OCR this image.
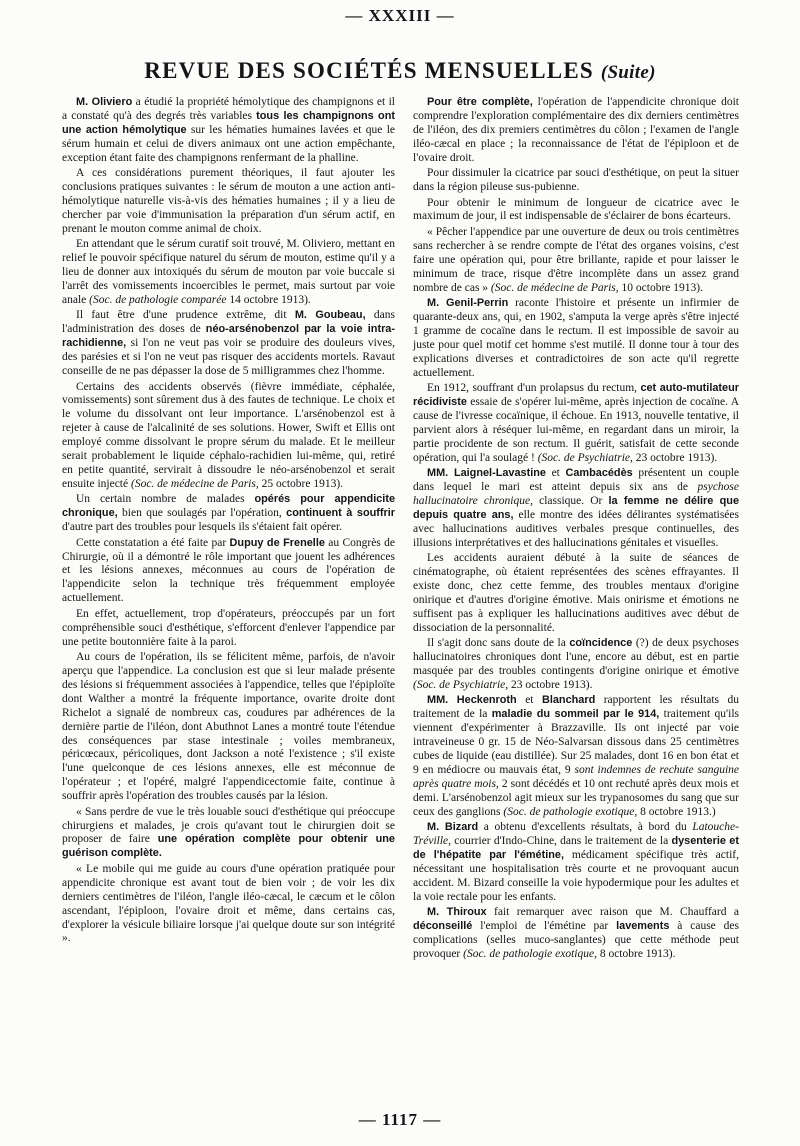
— XXXIII —
REVUE DES SOCIÉTÉS MENSUELLES (Suite)

M. Oliviero a étudié la propriété hémolytique des champignons et il a constaté qu'à des degrés très variables tous les champignons ont une action hémolytique sur les hématies humaines lavées et que le sérum humain et celui de divers animaux ont une action empêchante, exception étant faite des champignons renfermant de la phalline.

A ces considérations purement théoriques, il faut ajouter les conclusions pratiques suivantes : le sérum de mouton a une action anti-hémolytique naturelle vis-à-vis des hématies humaines ; il y a lieu de chercher par voie d'immunisation la préparation d'un sérum actif, en prenant le mouton comme animal de choix.

En attendant que le sérum curatif soit trouvé, M. Oliviero, mettant en relief le pouvoir spécifique naturel du sérum de mouton, estime qu'il y a lieu de donner aux intoxiqués du sérum de mouton par voie buccale si l'arrêt des vomissements incoercibles le permet, mais surtout par voie anale (Soc. de pathologie comparée 14 octobre 1913).

Il faut être d'une prudence extrême, dit M. Goubeau, dans l'administration des doses de néo-arsénobenzol par la voie intra-rachidienne, si l'on ne veut pas voir se produire des douleurs vives, des parésies et si l'on ne veut pas risquer des accidents mortels. Ravaut conseille de ne pas dépasser la dose de 5 milligrammes chez l'homme.

Certains des accidents observés (fièvre immédiate, céphalée, vomissements) sont sûrement dus à des fautes de technique. Le choix et le volume du dissolvant ont leur importance. L'arsénobenzol est à rejeter à cause de l'alcalinité de ses solutions. Hower, Swift et Ellis ont employé comme dissolvant le propre sérum du malade. Et le meilleur serait probablement le liquide céphalo-rachidien lui-même, qui, retiré en petite quantité, servirait à dissoudre le néo-arsénobenzol et serait ensuite injecté (Soc. de médecine de Paris, 25 octobre 1913).

Un certain nombre de malades opérés pour appendicite chronique, bien que soulagés par l'opération, continuent à souffrir d'autre part des troubles pour lesquels ils s'étaient fait opérer.

Cette constatation a été faite par Dupuy de Frenelle au Congrès de Chirurgie, où il a démontré le rôle important que jouent les adhérences et les lésions annexes, méconnues au cours de l'opération de l'appendicite selon la technique très fréquemment employée actuellement.

En effet, actuellement, trop d'opérateurs, préoccupés par un fort compréhensible souci d'esthétique, s'efforcent d'enlever l'appendice par une petite boutonnière faite à la paroi.

Au cours de l'opération, ils se félicitent même, parfois, de n'avoir aperçu que l'appendice. La conclusion est que si leur malade présente des lésions si fréquemment associées à l'appendice, telles que l'épiploïte dont Walther a montré la fréquente importance, ovarite droite dont Richelot a signalé de nombreux cas, coudures par adhérences de la dernière partie de l'iléon, dont Abuthnot Lanes a montré toute l'étendue des conséquences par stase intestinale ; voiles membraneux, péricœcaux, péricoliques, dont Jackson a noté l'existence ; s'il existe l'une quelconque de ces lésions annexes, elle est méconnue de l'opérateur ; et l'opéré, malgré l'appendicectomie faite, continue à souffrir après l'opération des troubles causés par la lésion.

« Sans perdre de vue le très louable souci d'esthétique qui préoccupe chirurgiens et malades, je crois qu'avant tout le chirurgien doit se proposer de faire une opération complète pour obtenir une guérison complète.

« Le mobile qui me guide au cours d'une opération pratiquée pour appendicite chronique est avant tout de bien voir ; de voir les dix derniers centimètres de l'iléon, l'angle iléo-cæcal, le cæcum et le côlon ascendant, l'épiploon, l'ovaire droit et même, dans certains cas, d'explorer la vésicule biliaire lorsque j'ai quelque doute sur son intégrité ».

Pour être complète, l'opération de l'appendicite chronique doit comprendre l'exploration complémentaire des dix derniers centimètres de l'iléon, des dix premiers centimètres du côlon ; l'examen de l'angle iléo-cæcal en place ; la reconnaissance de l'état de l'épiploon et de l'ovaire droit.

Pour dissimuler la cicatrice par souci d'esthétique, on peut la situer dans la région pileuse sus-pubienne.

Pour obtenir le minimum de longueur de cicatrice avec le maximum de jour, il est indispensable de s'éclairer de bons écarteurs.

« Pêcher l'appendice par une ouverture de deux ou trois centimètres sans rechercher à se rendre compte de l'état des organes voisins, c'est faire une opération qui, pour être brillante, rapide et pour laisser le minimum de trace, risque d'être incomplète dans un assez grand nombre de cas » (Soc. de médecine de Paris, 10 octobre 1913).

M. Genil-Perrin raconte l'histoire et présente un infirmier de quarante-deux ans, qui, en 1902, s'amputa la verge après s'être injecté 1 gramme de cocaïne dans le rectum. Il est impossible de savoir au juste pour quel motif cet homme s'est mutilé. Il donne tour à tour des explications diverses et contradictoires de son acte qu'il regrette actuellement.

En 1912, souffrant d'un prolapsus du rectum, cet auto-mutilateur récidiviste essaie de s'opérer lui-même, après injection de cocaïne. A cause de l'ivresse cocaïnique, il échoue. En 1913, nouvelle tentative, il parvient alors à réséquer lui-même, en regardant dans un miroir, la partie procidente de son rectum. Il guérit, satisfait de cette seconde opération, qui l'a soulagé ! (Soc. de Psychiatrie, 23 octobre 1913).

MM. Laignel-Lavastine et Cambacédès présentent un couple dans lequel le mari est atteint depuis six ans de psychose hallucinatoire chronique, classique. Or la femme ne délire que depuis quatre ans, elle montre des idées délirantes systématisées avec hallucinations auditives verbales presque continuelles, des illusions interprétatives et des hallucinations génitales et visuelles.

Les accidents auraient débuté à la suite de séances de cinématographe, où étaient représentées des scènes effrayantes. Il existe donc, chez cette femme, des troubles mentaux d'origine onirique et d'autres d'origine émotive. Mais onirisme et émotions ne suffisent pas à expliquer les hallucinations auditives avec début de dissociation de la personnalité.

Il s'agit donc sans doute de la coïncidence (?) de deux psychoses hallucinatoires chroniques dont l'une, encore au début, est en partie masquée par des troubles contingents d'origine onirique et émotive (Soc. de Psychiatrie, 23 octobre 1913).

MM. Heckenroth et Blanchard rapportent les résultats du traitement de la maladie du sommeil par le 914, traitement qu'ils viennent d'expérimenter à Brazzaville. Ils ont injecté par voie intraveineuse 0 gr. 15 de Néo-Salvarsan dissous dans 25 centimètres cubes de liquide (eau distillée). Sur 25 malades, dont 16 en bon état et 9 en médiocre ou mauvais état, 9 sont indemnes de rechute sanguine après quatre mois, 2 sont décédés et 10 ont rechuté après deux mois et demi. L'arsénobenzol agit mieux sur les trypanosomes du sang que sur ceux des ganglions (Soc. de pathologie exotique, 8 octobre 1913.)

M. Bizard a obtenu d'excellents résultats, à bord du Latouche-Tréville, courrier d'Indo-Chine, dans le traitement de la dysenterie et de l'hépatite par l'émétine, médicament spécifique très actif, nécessitant une hospitalisation très courte et ne provoquant aucun accident. M. Bizard conseille la voie hypodermique pour les adultes et la voie rectale pour les enfants.

M. Thiroux fait remarquer avec raison que M. Chauffard a déconseillé l'emploi de l'émétine par lavements à cause des complications (selles muco-sanglantes) que cette méthode peut provoquer (Soc. de pathologie exotique, 8 octobre 1913).

— 1117 —
